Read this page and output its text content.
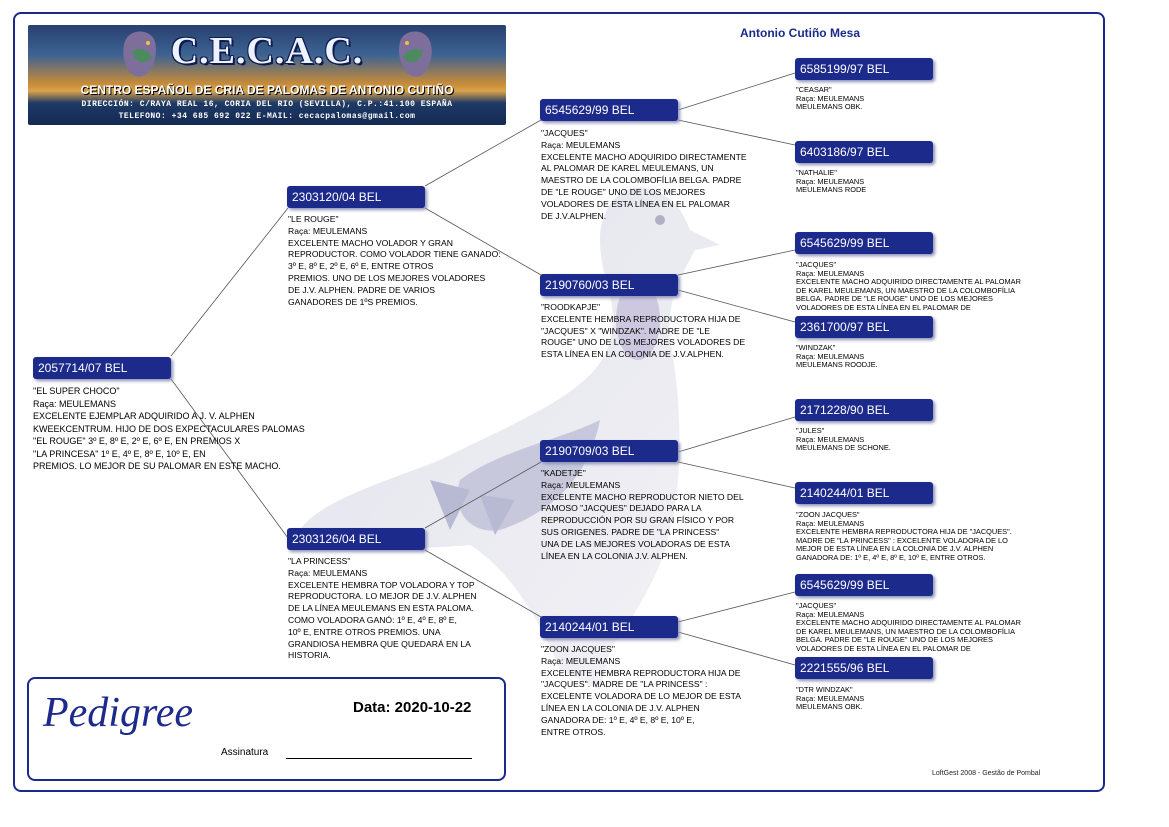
C.E.C.A.C.
CENTRO ESPAÑOL DE CRIA DE PALOMAS DE ANTONIO CUTIÑO
DIRECCIÓN: C/RAYA REAL 16, CORIA DEL RIO (SEVILLA), C.P.:41.100 ESPAÑA
TELEFONO: +34 685 692 022 E-MAIL: cecacpalomas@gmail.com
Antonio Cutiño Mesa
2057714/07 BEL
"EL SUPER CHOCO"
Raça: MEULEMANS
EXCELENTE EJEMPLAR ADQUIRIDO A J. V. ALPHEN
KWEEKCENTRUM. HIJO DE DOS EXPECTACULARES PALOMAS
"EL ROUGE" 3º E, 8º E, 2º E, 6º E, EN PREMIOS X
"LA PRINCESA" 1º E, 4º E, 8º E, 10º E, EN
PREMIOS. LO MEJOR DE SU PALOMAR EN ESTE MACHO.
2303120/04 BEL
"LE ROUGE"
Raça: MEULEMANS
EXCELENTE MACHO VOLADOR Y GRAN
REPRODUCTOR. COMO VOLADOR TIENE GANADO:
3º E, 8º E, 2º E, 6º E, ENTRE OTROS
PREMIOS. UNO DE LOS MEJORES VOLADORES
DE J.V. ALPHEN. PADRE DE VARIOS
GANADORES DE 1ºS PREMIOS.
2303126/04 BEL
"LA PRINCESS"
Raça: MEULEMANS
EXCELENTE HEMBRA TOP VOLADORA Y TOP
REPRODUCTORA. LO MEJOR DE J.V. ALPHEN
DE LA LÍNEA MEULEMANS EN ESTA PALOMA.
COMO VOLADORA GANÓ: 1º E, 4º E, 8º E,
10º E, ENTRE OTROS PREMIOS. UNA
GRANDIOSA HEMBRA QUE QUEDARÁ EN LA
HISTORIA.
6545629/99 BEL
"JACQUES"
Raça: MEULEMANS
EXCELENTE MACHO ADQUIRIDO DIRECTAMENTE
AL PALOMAR DE KAREL MEULEMANS, UN
MAESTRO DE LA COLOMBOFÍLIA BELGA. PADRE
DE "LE ROUGE" UNO DE LOS MEJORES
VOLADORES DE ESTA LÍNEA EN EL PALOMAR
DE J.V.ALPHEN.
2190760/03 BEL
"ROODKAPJE"
EXCELENTE HEMBRA REPRODUCTORA HIJA DE
"JACQUES" X "WINDZAK". MADRE DE "LE
ROUGE" UNO DE LOS MEJORES VOLADORES DE
ESTA LÍNEA EN LA COLONIA DE J.V.ALPHEN.
2190709/03 BEL
"KADETJE"
Raça: MEULEMANS
EXCELENTE MACHO REPRODUCTOR NIETO DEL
FAMOSO "JACQUES" DEJADO PARA LA
REPRODUCCIÓN POR SU GRAN FÍSICO Y POR
SUS ORIGENES. PADRE DE "LA PRINCESS"
UNA DE LAS MEJORES VOLADORAS DE ESTA
LÍNEA EN LA COLONIA J.V. ALPHEN.
2140244/01 BEL
"ZOON JACQUES"
Raça: MEULEMANS
EXCELENTE HEMBRA REPRODUCTORA HIJA DE
"JACQUES". MADRE DE "LA PRINCESS" :
EXCELENTE VOLADORA DE LO MEJOR DE ESTA
LÍNEA EN LA COLONIA DE J.V. ALPHEN
GANADORA DE: 1º E, 4º E, 8º E, 10º E,
ENTRE OTROS.
6585199/97 BEL
"CEASAR"
Raça: MEULEMANS
MEULEMANS OBK.
6403186/97 BEL
"NATHALIE"
Raça: MEULEMANS
MEULEMANS RODE
6545629/99 BEL
"JACQUES"
Raça: MEULEMANS
EXCELENTE MACHO ADQUIRIDO DIRECTAMENTE AL PALOMAR
DE KAREL MEULEMANS, UN MAESTRO DE LA COLOMBOFÍLIA
BELGA. PADRE DE "LE ROUGE" UNO DE LOS MEJORES
VOLADORES DE ESTA LÍNEA EN EL PALOMAR DE
2361700/97 BEL
"WINDZAK"
Raça: MEULEMANS
MEULEMANS ROODJE.
2171228/90 BEL
"JULES"
Raça: MEULEMANS
MEULEMANS DE SCHONE.
2140244/01 BEL
"ZOON JACQUES"
Raça: MEULEMANS
EXCELENTE HEMBRA REPRODUCTORA HIJA DE "JACQUES".
MADRE DE "LA PRINCESS" : EXCELENTE VOLADORA DE LO
MEJOR DE ESTA LÍNEA EN LA COLONIA DE J.V. ALPHEN
GANADORA DE: 1º E, 4º E, 8º E, 10º E, ENTRE OTROS.
6545629/99 BEL
"JACQUES"
Raça: MEULEMANS
EXCELENTE MACHO ADQUIRIDO DIRECTAMENTE AL PALOMAR
DE KAREL MEULEMANS, UN MAESTRO DE LA COLOMBOFÍLIA
BELGA. PADRE DE "LE ROUGE" UNO DE LOS MEJORES
VOLADORES DE ESTA LÍNEA EN EL PALOMAR DE
2221555/96 BEL
"DTR WINDZAK"
Raça: MEULEMANS
MEULEMANS OBK.
Pedigree	Data: 2020-10-22
Assinatura
LoftGest 2008 - Gestão de Pombal
